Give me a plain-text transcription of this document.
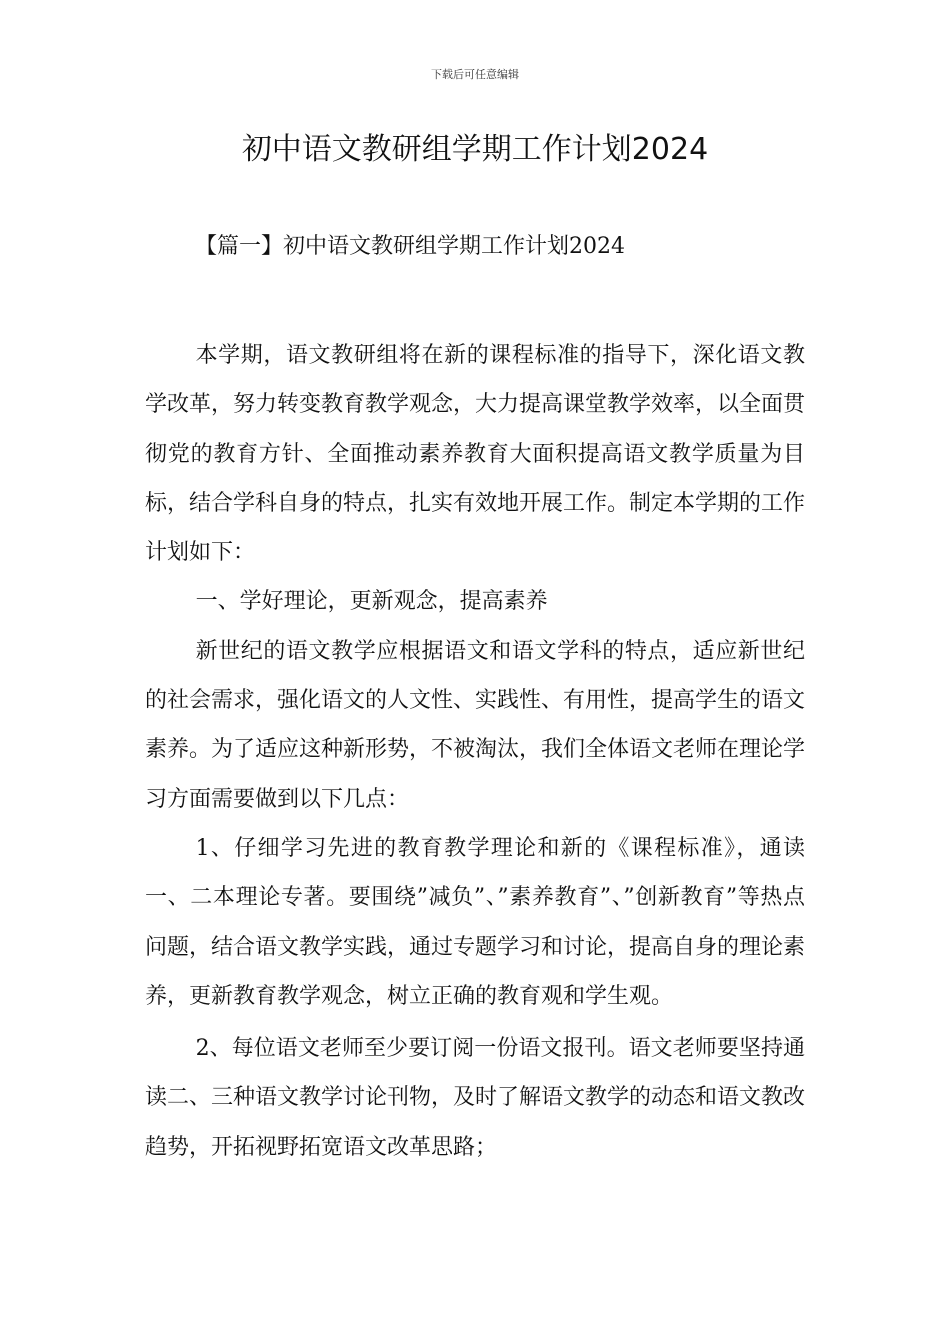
下载后可任意编辑
初中语文教研组学期工作计划2024
【篇一】初中语文教研组学期工作计划2024

本学期，语文教研组将在新的课程标准的指导下，深化语文教学改革，努力转变教育教学观念，大力提高课堂教学效率，以全面贯彻党的教育方针、全面推动素养教育大面积提高语文教学质量为目标，结合学科自身的特点，扎实有效地开展工作。制定本学期的工作计划如下：

一、学好理论，更新观念，提高素养

新世纪的语文教学应根据语文和语文学科的特点，适应新世纪的社会需求，强化语文的人文性、实践性、有用性，提高学生的语文素养。为了适应这种新形势，不被淘汰，我们全体语文老师在理论学习方面需要做到以下几点：

1、仔细学习先进的教育教学理论和新的《课程标准》，通读一、二本理论专著。要围绕”减负”、”素养教育”、”创新教育”等热点问题，结合语文教学实践，通过专题学习和讨论，提高自身的理论素养，更新教育教学观念，树立正确的教育观和学生观。

2、每位语文老师至少要订阅一份语文报刊。语文老师要坚持通读二、三种语文教学讨论刊物，及时了解语文教学的动态和语文教改趋势，开拓视野拓宽语文改革思路；
